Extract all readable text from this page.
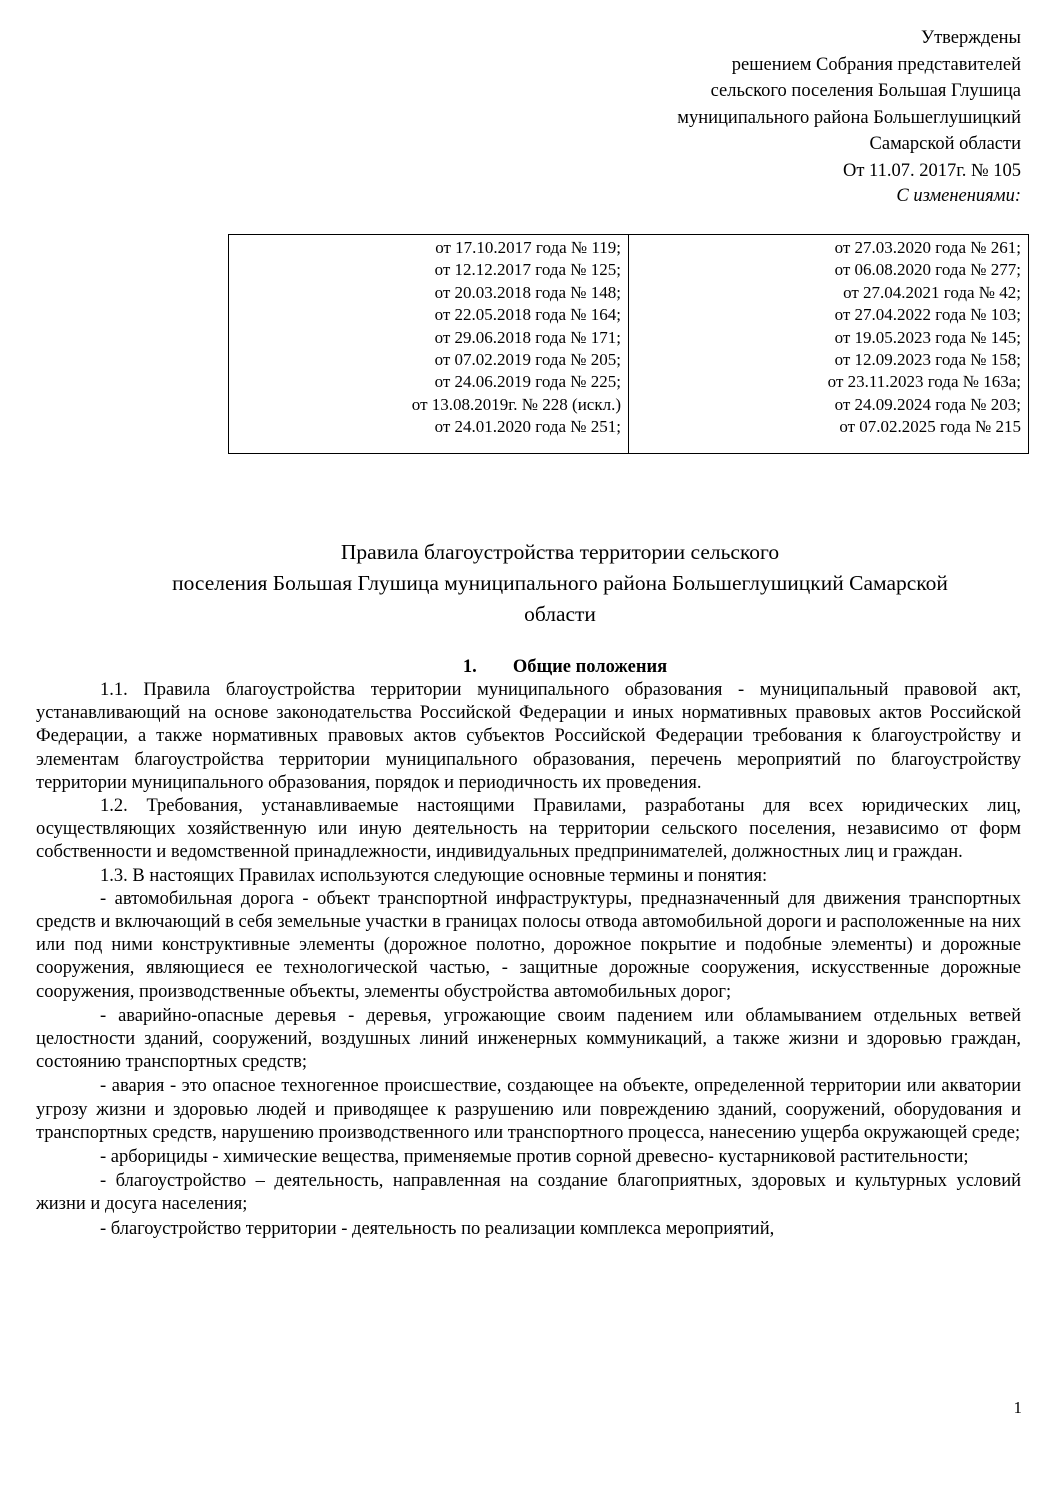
Утверждены
решением Собрания представителей
сельского поселения Большая Глушица
муниципального района Большеглушицкий
Самарской области
От 11.07. 2017г. № 105
С изменениями:
от 17.10.2017 года № 119;
от 12.12.2017 года № 125;
от 20.03.2018 года № 148;
от 22.05.2018 года № 164;
от 29.06.2018 года № 171;
от 07.02.2019 года № 205;
от 24.06.2019 года № 225;
от 13.08.2019г. № 228 (искл.)
от 24.01.2020 года № 251;

от 27.03.2020 года № 261;
от 06.08.2020 года № 277;
от 27.04.2021 года № 42;
от 27.04.2022 года № 103;
от 19.05.2023 года № 145;
от 12.09.2023 года № 158;
от 23.11.2023 года № 163а;
от 24.09.2024 года № 203;
от 07.02.2025 года № 215
Правила благоустройства территории сельского
поселения Большая Глушица муниципального района Большеглушицкий Самарской
области
1. Общие положения

1.1. Правила благоустройства территории муниципального образования - муниципальный правовой акт, устанавливающий на основе законодательства Российской Федерации и иных нормативных правовых актов Российской Федерации, а также нормативных правовых актов субъектов Российской Федерации требования к благоустройству и элементам благоустройства территории муниципального образования, перечень мероприятий по благоустройству территории муниципального образования, порядок и периодичность их проведения.

1.2. Требования, устанавливаемые настоящими Правилами, разработаны для всех юридических лиц, осуществляющих хозяйственную или иную деятельность на территории сельского поселения, независимо от форм собственности и ведомственной принадлежности, индивидуальных предпринимателей, должностных лиц и граждан.

1.3. В настоящих Правилах используются следующие основные термины и понятия:

- автомобильная дорога - объект транспортной инфраструктуры, предназначенный для движения транспортных средств и включающий в себя земельные участки в границах полосы отвода автомобильной дороги и расположенные на них или под ними конструктивные элементы (дорожное полотно, дорожное покрытие и подобные элементы) и дорожные сооружения, являющиеся ее технологической частью, - защитные дорожные сооружения, искусственные дорожные сооружения, производственные объекты, элементы обустройства автомобильных дорог;

- аварийно-опасные деревья - деревья, угрожающие своим падением или обламыванием отдельных ветвей целостности зданий, сооружений, воздушных линий инженерных коммуникаций, а также жизни и здоровью граждан, состоянию транспортных средств;

- авария - это опасное техногенное происшествие, создающее на объекте, определенной территории или акватории угрозу жизни и здоровью людей и приводящее к разрушению или повреждению зданий, сооружений, оборудования и транспортных средств, нарушению производственного или транспортного процесса, нанесению ущерба окружающей среде;

- арборициды - химические вещества, применяемые против сорной древесно- кустарниковой растительности;

- благоустройство – деятельность, направленная на создание благоприятных, здоровых и культурных условий жизни и досуга населения;

- благоустройство территории - деятельность по реализации комплекса мероприятий,

1
